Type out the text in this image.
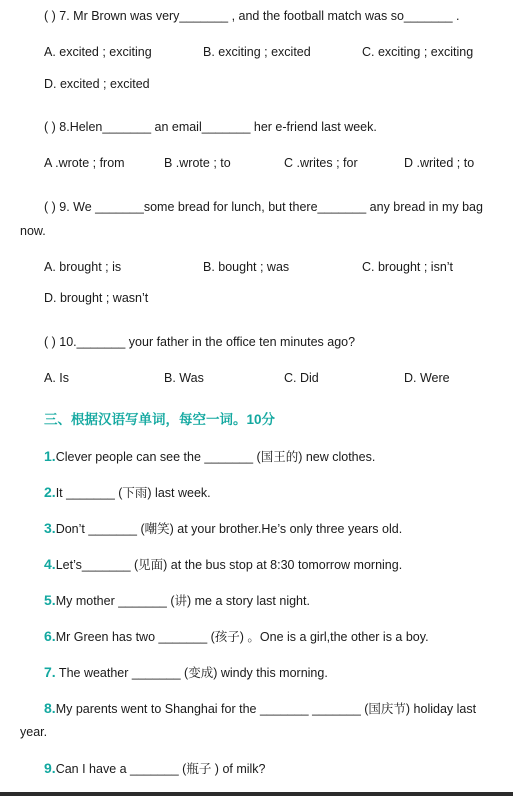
( ) 7. Mr Brown was very_______ , and the football match was so_______ .
A. excited ; exciting	B. exciting ; excited	C. exciting ; exciting
D. excited ; excited
( ) 8.Helen_______ an email_______ her e-friend last week.
A .wrote ; from	B .wrote ; to	C .writes ; for	D .writed ; to
( ) 9. We _______some bread for lunch, but there_______ any bread in my bag
now.
A. brought ; is	B. bought ; was	C. brought ; isn’t
D. brought ; wasn’t
( ) 10._______ your father in the office ten minutes ago?
A. Is	B. Was	C. Did	D. Were
三、根据汉语写单词，每空一词。10分
1.Clever people can see the _______ (国王的) new clothes.
2.It _______ (下雨) last week.
3.Don’t _______ (嘲笑) at your brother.He’s only three years old.
4.Let’s_______ (见面) at the bus stop at 8:30 tomorrow morning.
5.My mother _______ (讲) me a story last night.
6.Mr Green has two _______ (孩子) 。One is a girl,the other is a boy.
7. The weather _______ (变成) windy this morning.
8.My parents went to Shanghai for the _______ _______ (国庆节) holiday last
year.
9.Can I have a _______ (瓶子 ) of milk?
